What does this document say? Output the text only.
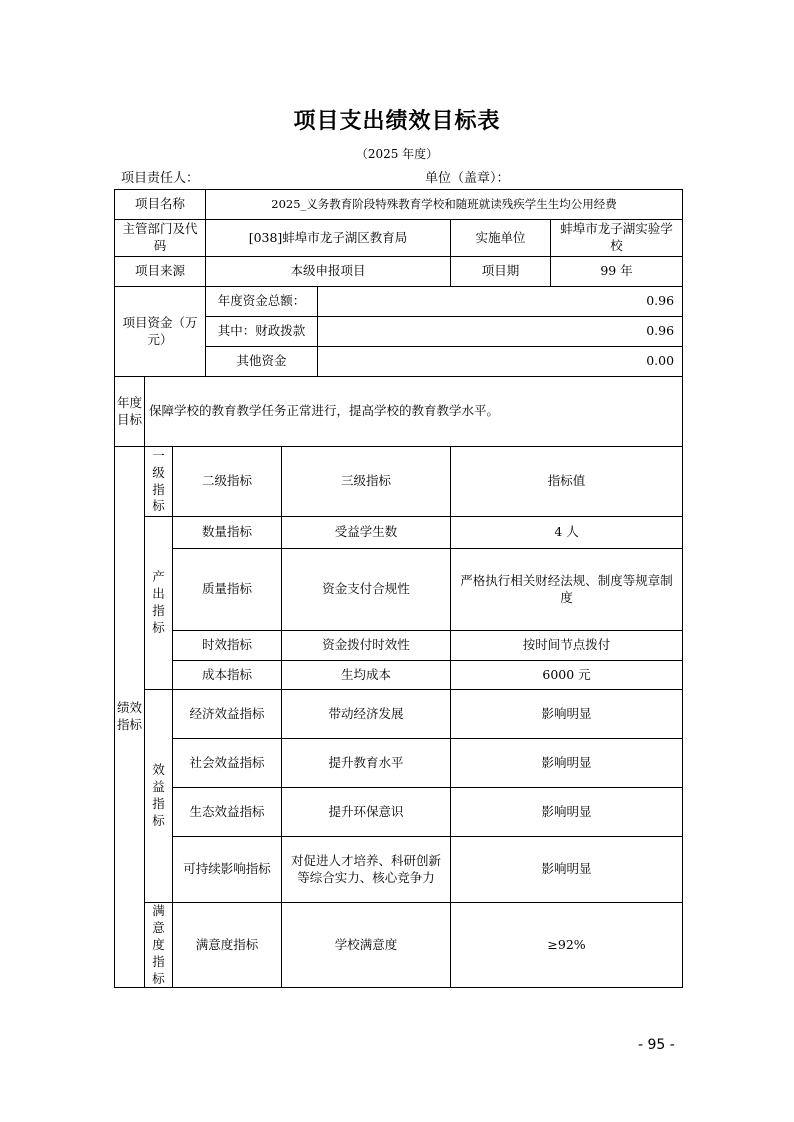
项目支出绩效目标表
（2025 年度）
项目责任人：	单位（盖章）：
项目名称			2025_义务教育阶段特殊教育学校和随班就读残疾学生生均公用经费				
主管部门及代码			[038]蚌埠市龙子湖区教育局			实施单位	蚌埠市龙子湖实验学校
项目来源			本级申报项目			项目期	99 年
项目资金（万元）			年度资金总额：		0.96		
			其中：财政拨款		0.96		
			其他资金		0.00		
年度目标	保障学校的教育教学任务正常进行，提高学校的教育教学水平。						
绩效指标	一级指标	二级指标		三级指标		指标值	
	产出指标	数量指标		受益学生数		4 人	
		质量指标		资金支付合规性		严格执行相关财经法规、制度等规章制度	
		时效指标		资金拨付时效性		按时间节点拨付	
		成本指标		生均成本		6000 元	
	效益指标	经济效益指标		带动经济发展		影响明显	
		社会效益指标		提升教育水平		影响明显	
		生态效益指标		提升环保意识		影响明显	
		可持续影响指标		对促进人才培养、科研创新等综合实力、核心竞争力		影响明显	
	满意度指标	满意度指标		学校满意度		≥92%	
- 95 -
